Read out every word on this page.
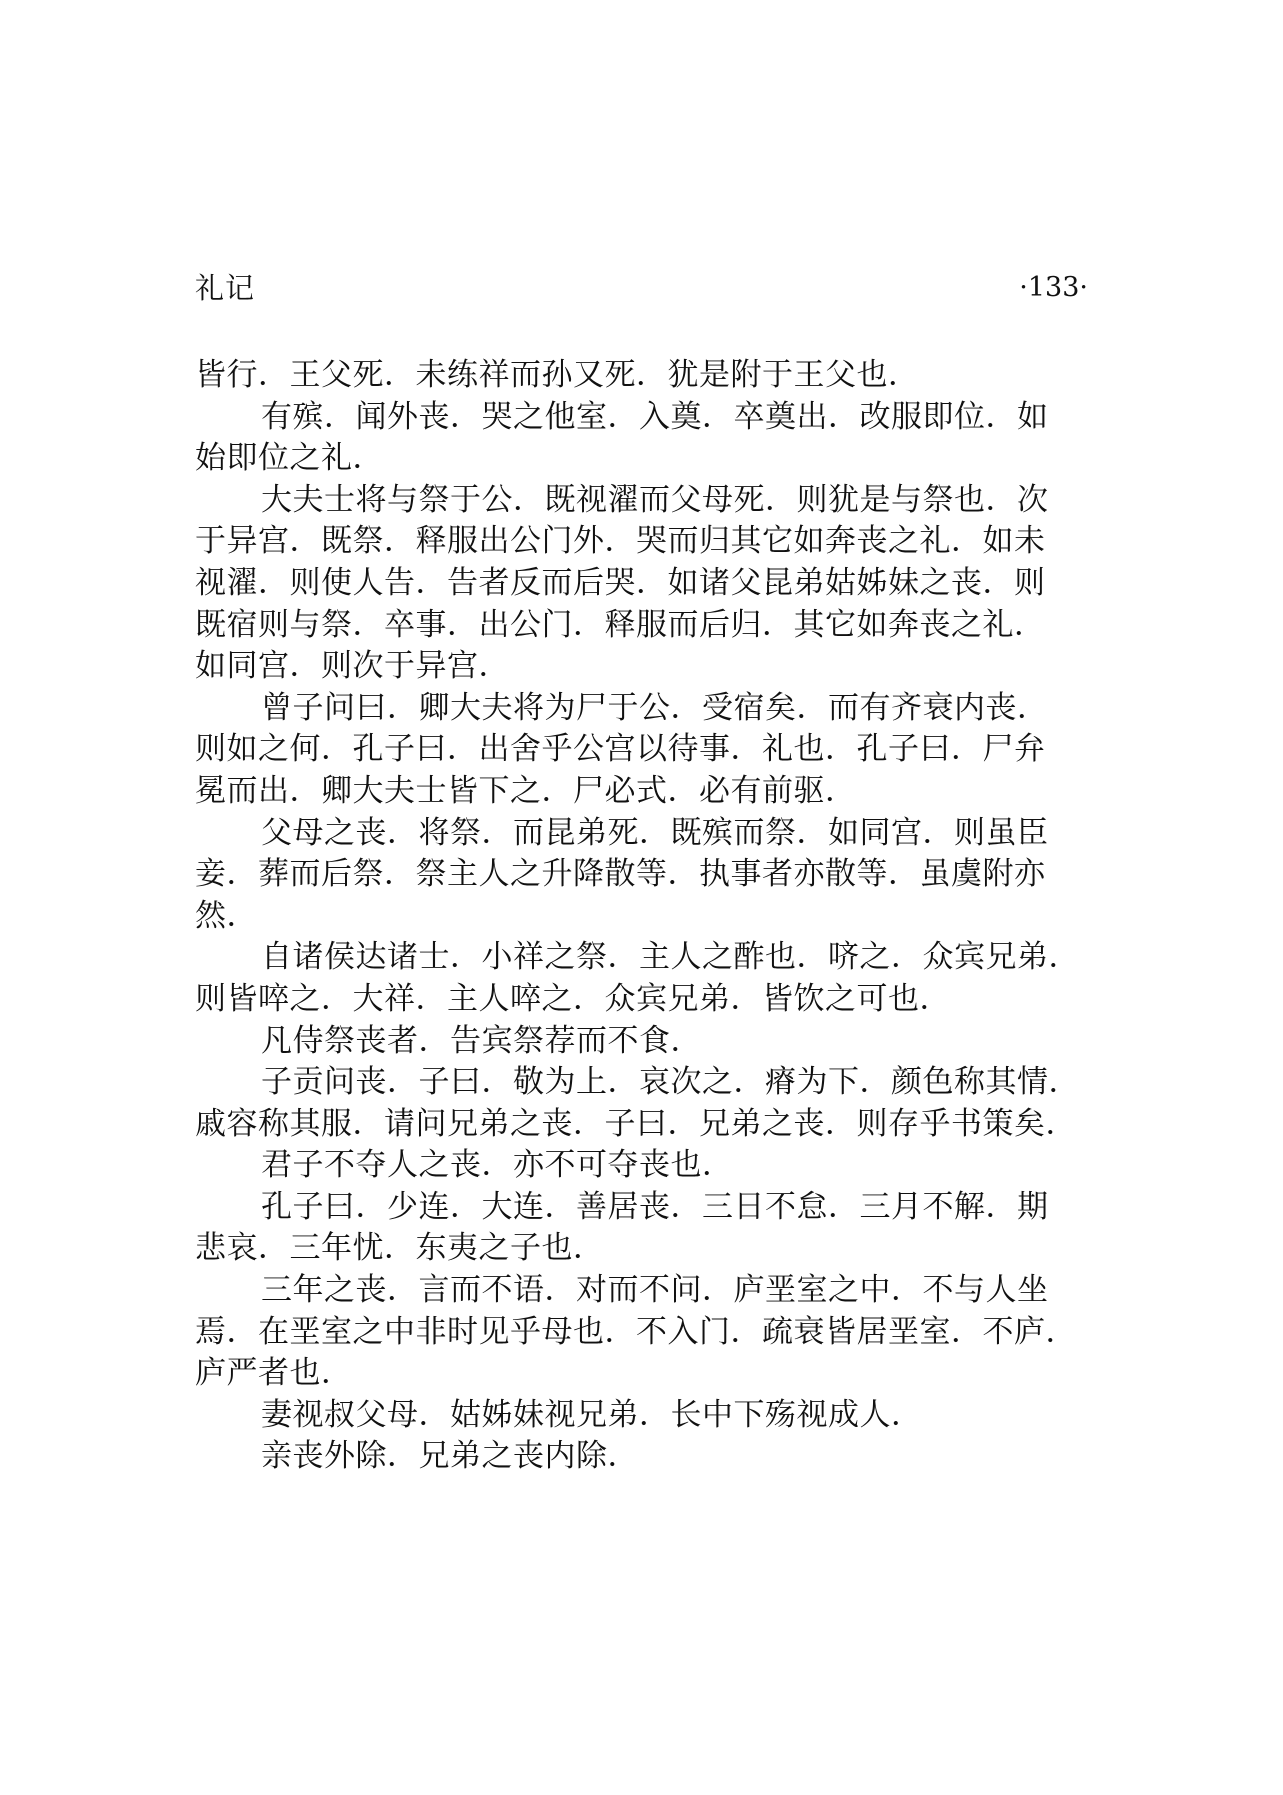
礼记	·133·
皆行．王父死．未练祥而孙又死．犹是附于王父也．
有殡．闻外丧．哭之他室．入奠．卒奠出．改服即位．如
始即位之礼．
大夫士将与祭于公．既视濯而父母死．则犹是与祭也．次
于异宫．既祭．释服出公门外．哭而归其它如奔丧之礼．如未
视濯．则使人告．告者反而后哭．如诸父昆弟姑姊妹之丧．则
既宿则与祭．卒事．出公门．释服而后归．其它如奔丧之礼．
如同宫．则次于异宫．
曾子问曰．卿大夫将为尸于公．受宿矣．而有齐衰内丧．
则如之何．孔子曰．出舍乎公宫以待事．礼也．孔子曰．尸弁
冕而出．卿大夫士皆下之．尸必式．必有前驱．
父母之丧．将祭．而昆弟死．既殡而祭．如同宫．则虽臣
妾．葬而后祭．祭主人之升降散等．执事者亦散等．虽虞附亦
然．
自诸侯达诸士．小祥之祭．主人之酢也．哜之．众宾兄弟．
则皆啐之．大祥．主人啐之．众宾兄弟．皆饮之可也．
凡侍祭丧者．告宾祭荐而不食．
子贡问丧．子曰．敬为上．哀次之．瘠为下．颜色称其情．
戚容称其服．请问兄弟之丧．子曰．兄弟之丧．则存乎书策矣．
君子不夺人之丧．亦不可夺丧也．
孔子曰．少连．大连．善居丧．三日不怠．三月不解．期
悲哀．三年忧．东夷之子也．
三年之丧．言而不语．对而不问．庐垩室之中．不与人坐
焉．在垩室之中非时见乎母也．不入门．疏衰皆居垩室．不庐．
庐严者也．
妻视叔父母．姑姊妹视兄弟．长中下殇视成人．
亲丧外除．兄弟之丧内除．
